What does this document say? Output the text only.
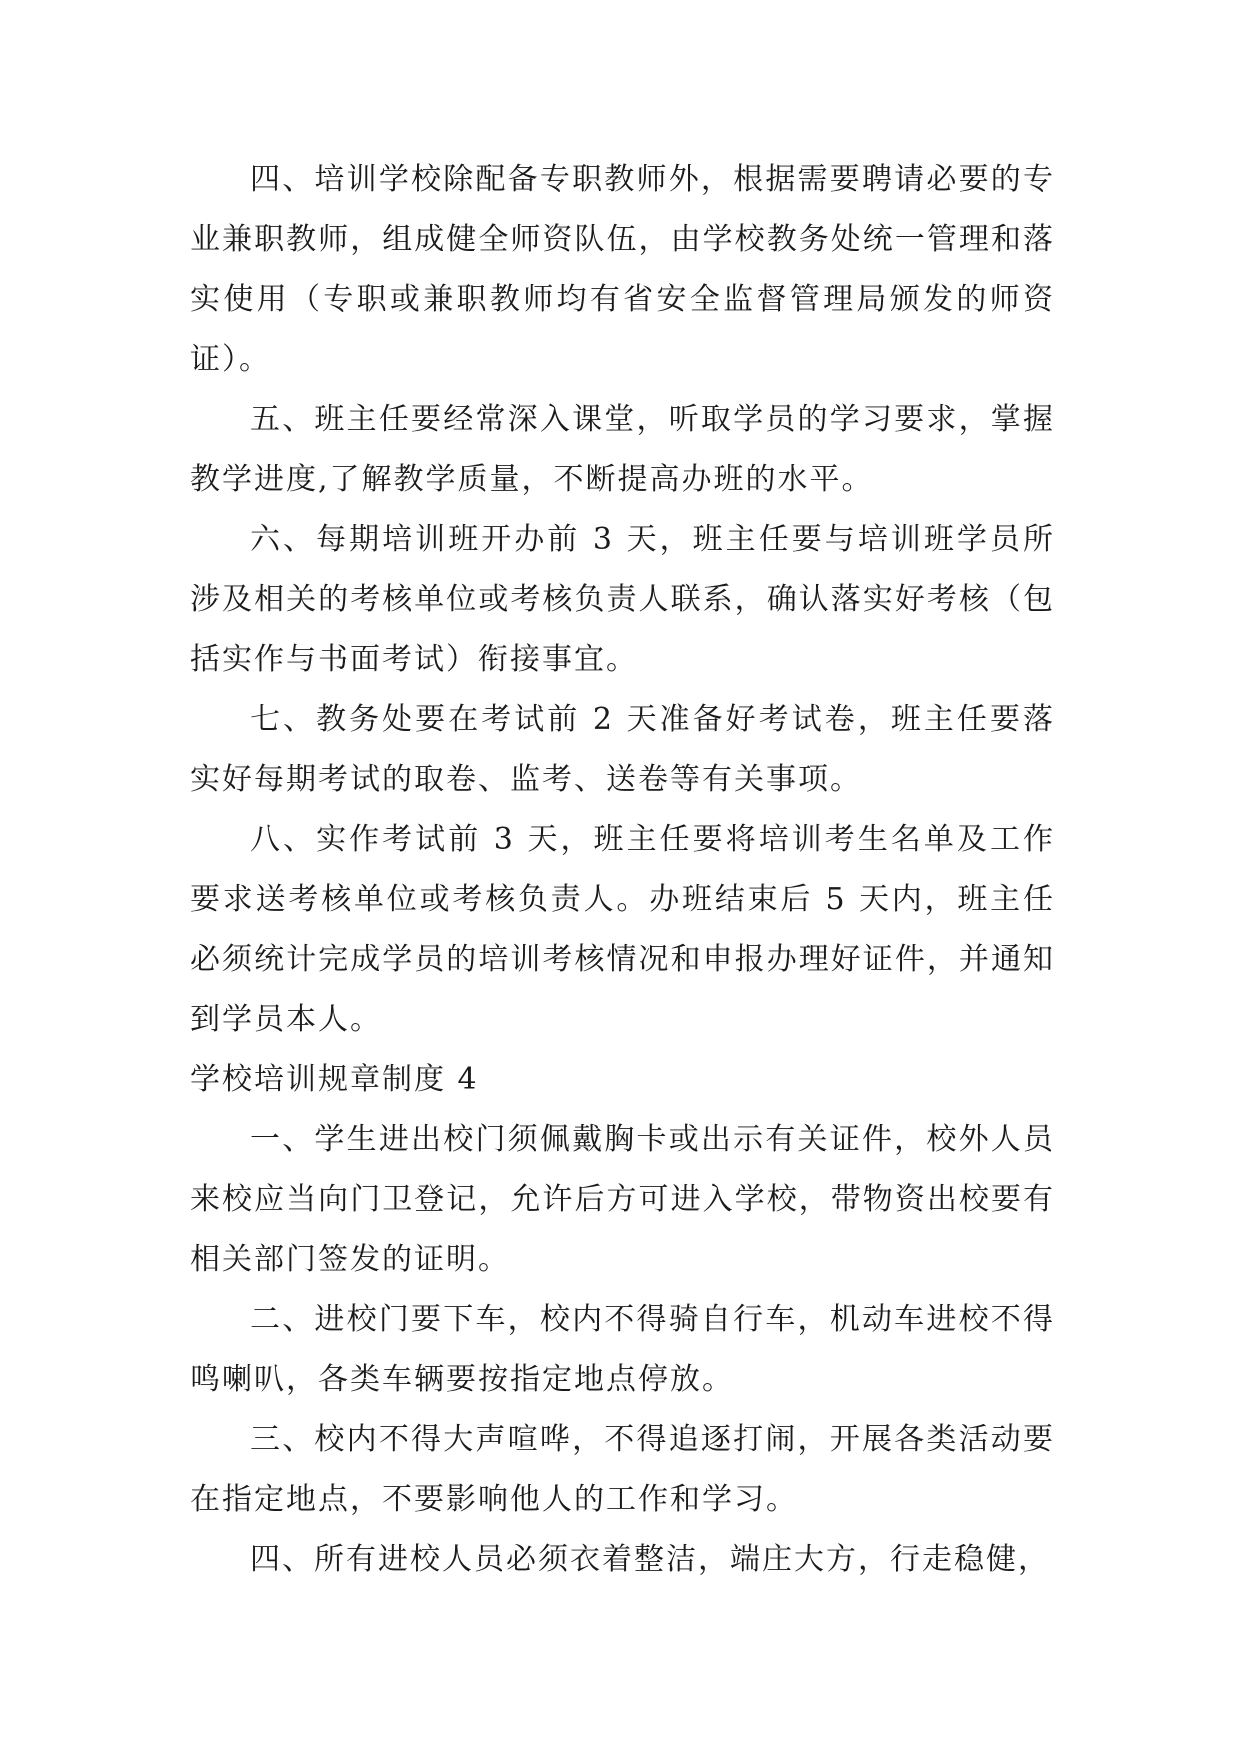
四、培训学校除配备专职教师外，根据需要聘请必要的专业兼职教师，组成健全师资队伍，由学校教务处统一管理和落实使用（专职或兼职教师均有省安全监督管理局颁发的师资证）。

五、班主任要经常深入课堂，听取学员的学习要求，掌握教学进度,了解教学质量，不断提高办班的水平。

六、每期培训班开办前 3 天，班主任要与培训班学员所涉及相关的考核单位或考核负责人联系，确认落实好考核（包括实作与书面考试）衔接事宜。

七、教务处要在考试前 2 天准备好考试卷，班主任要落实好每期考试的取卷、监考、送卷等有关事项。

八、实作考试前 3 天，班主任要将培训考生名单及工作要求送考核单位或考核负责人。办班结束后 5 天内，班主任必须统计完成学员的培训考核情况和申报办理好证件，并通知到学员本人。

学校培训规章制度 4

一、学生进出校门须佩戴胸卡或出示有关证件，校外人员来校应当向门卫登记，允许后方可进入学校，带物资出校要有相关部门签发的证明。

二、进校门要下车，校内不得骑自行车，机动车进校不得鸣喇叭，各类车辆要按指定地点停放。

三、校内不得大声喧哗，不得追逐打闹，开展各类活动要在指定地点，不要影响他人的工作和学习。

四、所有进校人员必须衣着整洁，端庄大方，行走稳健，
